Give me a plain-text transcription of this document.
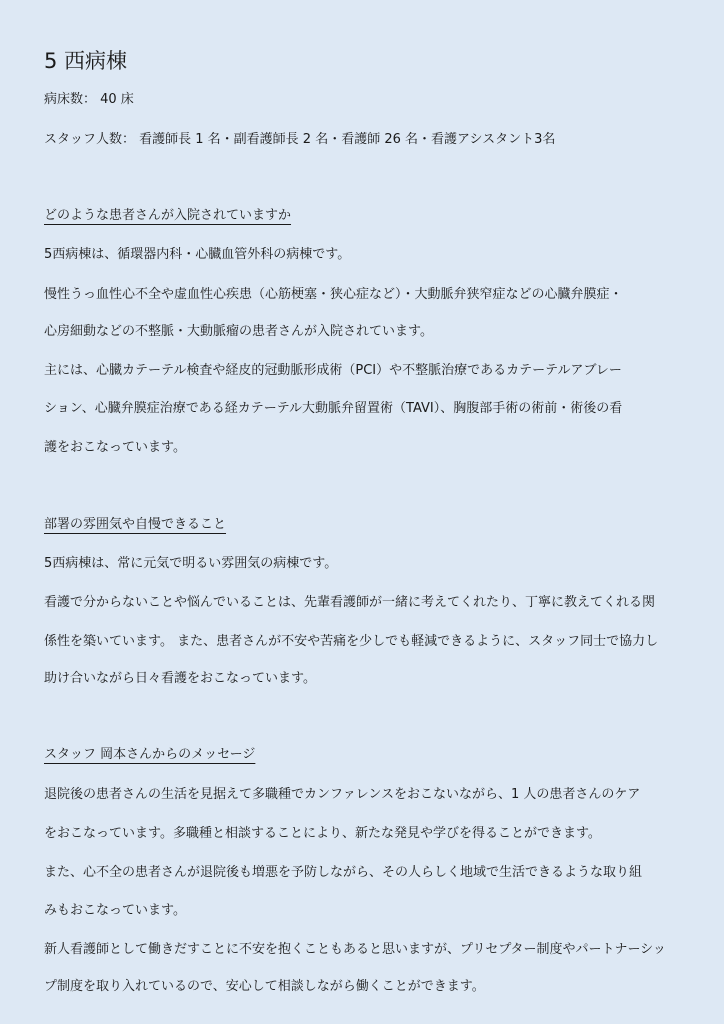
5 西病棟

病床数： 40 床

スタッフ人数： 看護師長 1 名・副看護師長 2 名・看護師 26 名・看護アシスタント3名

どのような患者さんが入院されていますか

5西病棟は、循環器内科・心臓血管外科の病棟です。

慢性うっ血性心不全や虚血性心疾患（心筋梗塞・狭心症など）・大動脈弁狭窄症などの心臓弁膜症・

心房細動などの不整脈・大動脈瘤の患者さんが入院されています。

主には、心臓カテーテル検査や経皮的冠動脈形成術（PCI）や不整脈治療であるカテーテルアブレー

ション、心臓弁膜症治療である経カテーテル大動脈弁留置術（TAVI）、胸腹部手術の術前・術後の看

護をおこなっています。

部署の雰囲気や自慢できること

5西病棟は、常に元気で明るい雰囲気の病棟です。

看護で分からないことや悩んでいることは、先輩看護師が一緒に考えてくれたり、丁寧に教えてくれる関

係性を築いています。 また、患者さんが不安や苦痛を少しでも軽減できるように、スタッフ同士で協力し

助け合いながら日々看護をおこなっています。

スタッフ 岡本さんからのメッセージ

退院後の患者さんの生活を見据えて多職種でカンファレンスをおこないながら、1 人の患者さんのケア

をおこなっています。多職種と相談することにより、新たな発見や学びを得ることができます。

また、心不全の患者さんが退院後も増悪を予防しながら、その人らしく地域で生活できるような取り組

みもおこなっています。

新人看護師として働きだすことに不安を抱くこともあると思いますが、プリセプター制度やパートナーシッ

プ制度を取り入れているので、安心して相談しながら働くことができます。
